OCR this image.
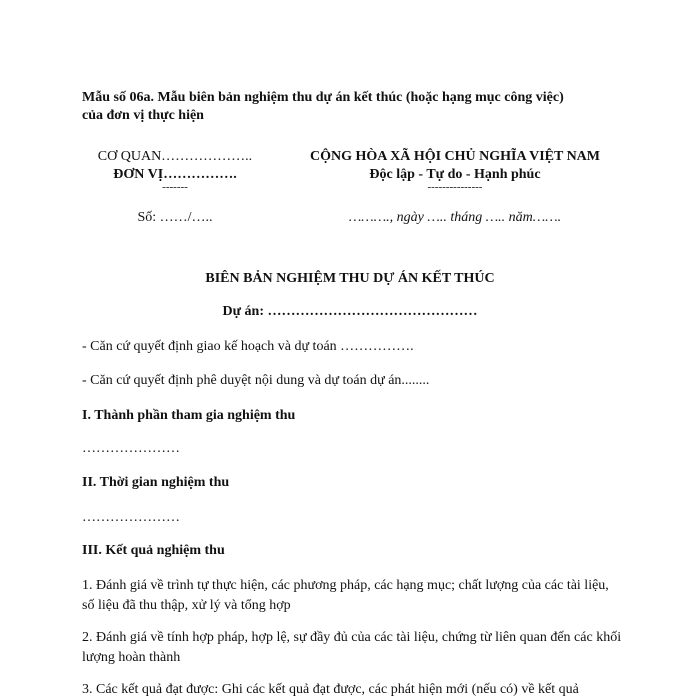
Mẫu số 06a. Mẫu biên bản nghiệm thu dự án kết thúc (hoặc hạng mục công việc)
của đơn vị thực hiện
CƠ QUAN………………..
ĐƠN VỊ…………….
-------
Số: ……/…..
CỘNG HÒA XÃ HỘI CHỦ NGHĨA VIỆT NAM
Độc lập - Tự do - Hạnh phúc
---------------
………., ngày ….. tháng ….. năm…….
BIÊN BẢN NGHIỆM THU DỰ ÁN KẾT THÚC
Dự án: ………………………………………
- Căn cứ quyết định giao kế hoạch và dự toán …………….
- Căn cứ quyết định phê duyệt nội dung và dự toán dự án........
I. Thành phần tham gia nghiệm thu
…………………
II. Thời gian nghiệm thu
…………………
III. Kết quả nghiệm thu
1. Đánh giá về trình tự thực hiện, các phương pháp, các hạng mục; chất lượng của các tài liệu, số liệu đã thu thập, xử lý và tổng hợp
2. Đánh giá về tính hợp pháp, hợp lệ, sự đầy đủ của các tài liệu, chứng từ liên quan đến các khối lượng hoàn thành
3. Các kết quả đạt được: Ghi các kết quả đạt được, các phát hiện mới (nếu có) về kết quả
